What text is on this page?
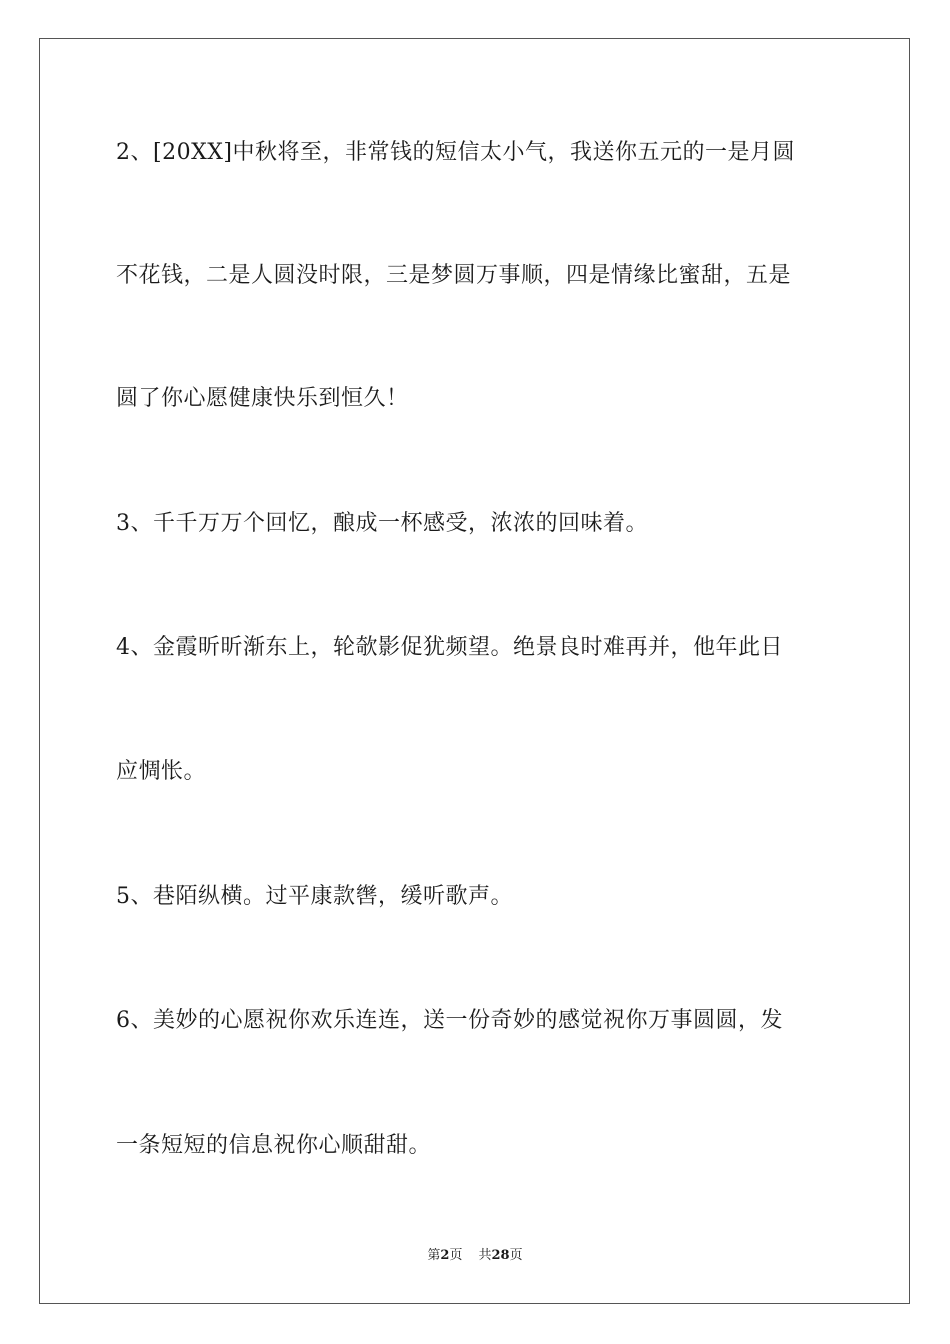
2、[20XX]中秋将至，非常钱的短信太小气，我送你五元的一是月圆
不花钱，二是人圆没时限，三是梦圆万事顺，四是情缘比蜜甜，五是
圆了你心愿健康快乐到恒久！
3、千千万万个回忆，酿成一杯感受，浓浓的回味着。
4、金霞昕昕渐东上，轮欹影促犹频望。绝景良时难再并，他年此日
应惆怅。
5、巷陌纵横。过平康款辔，缓听歌声。
6、美妙的心愿祝你欢乐连连，送一份奇妙的感觉祝你万事圆圆，发
一条短短的信息祝你心顺甜甜。
第2页 共28页
